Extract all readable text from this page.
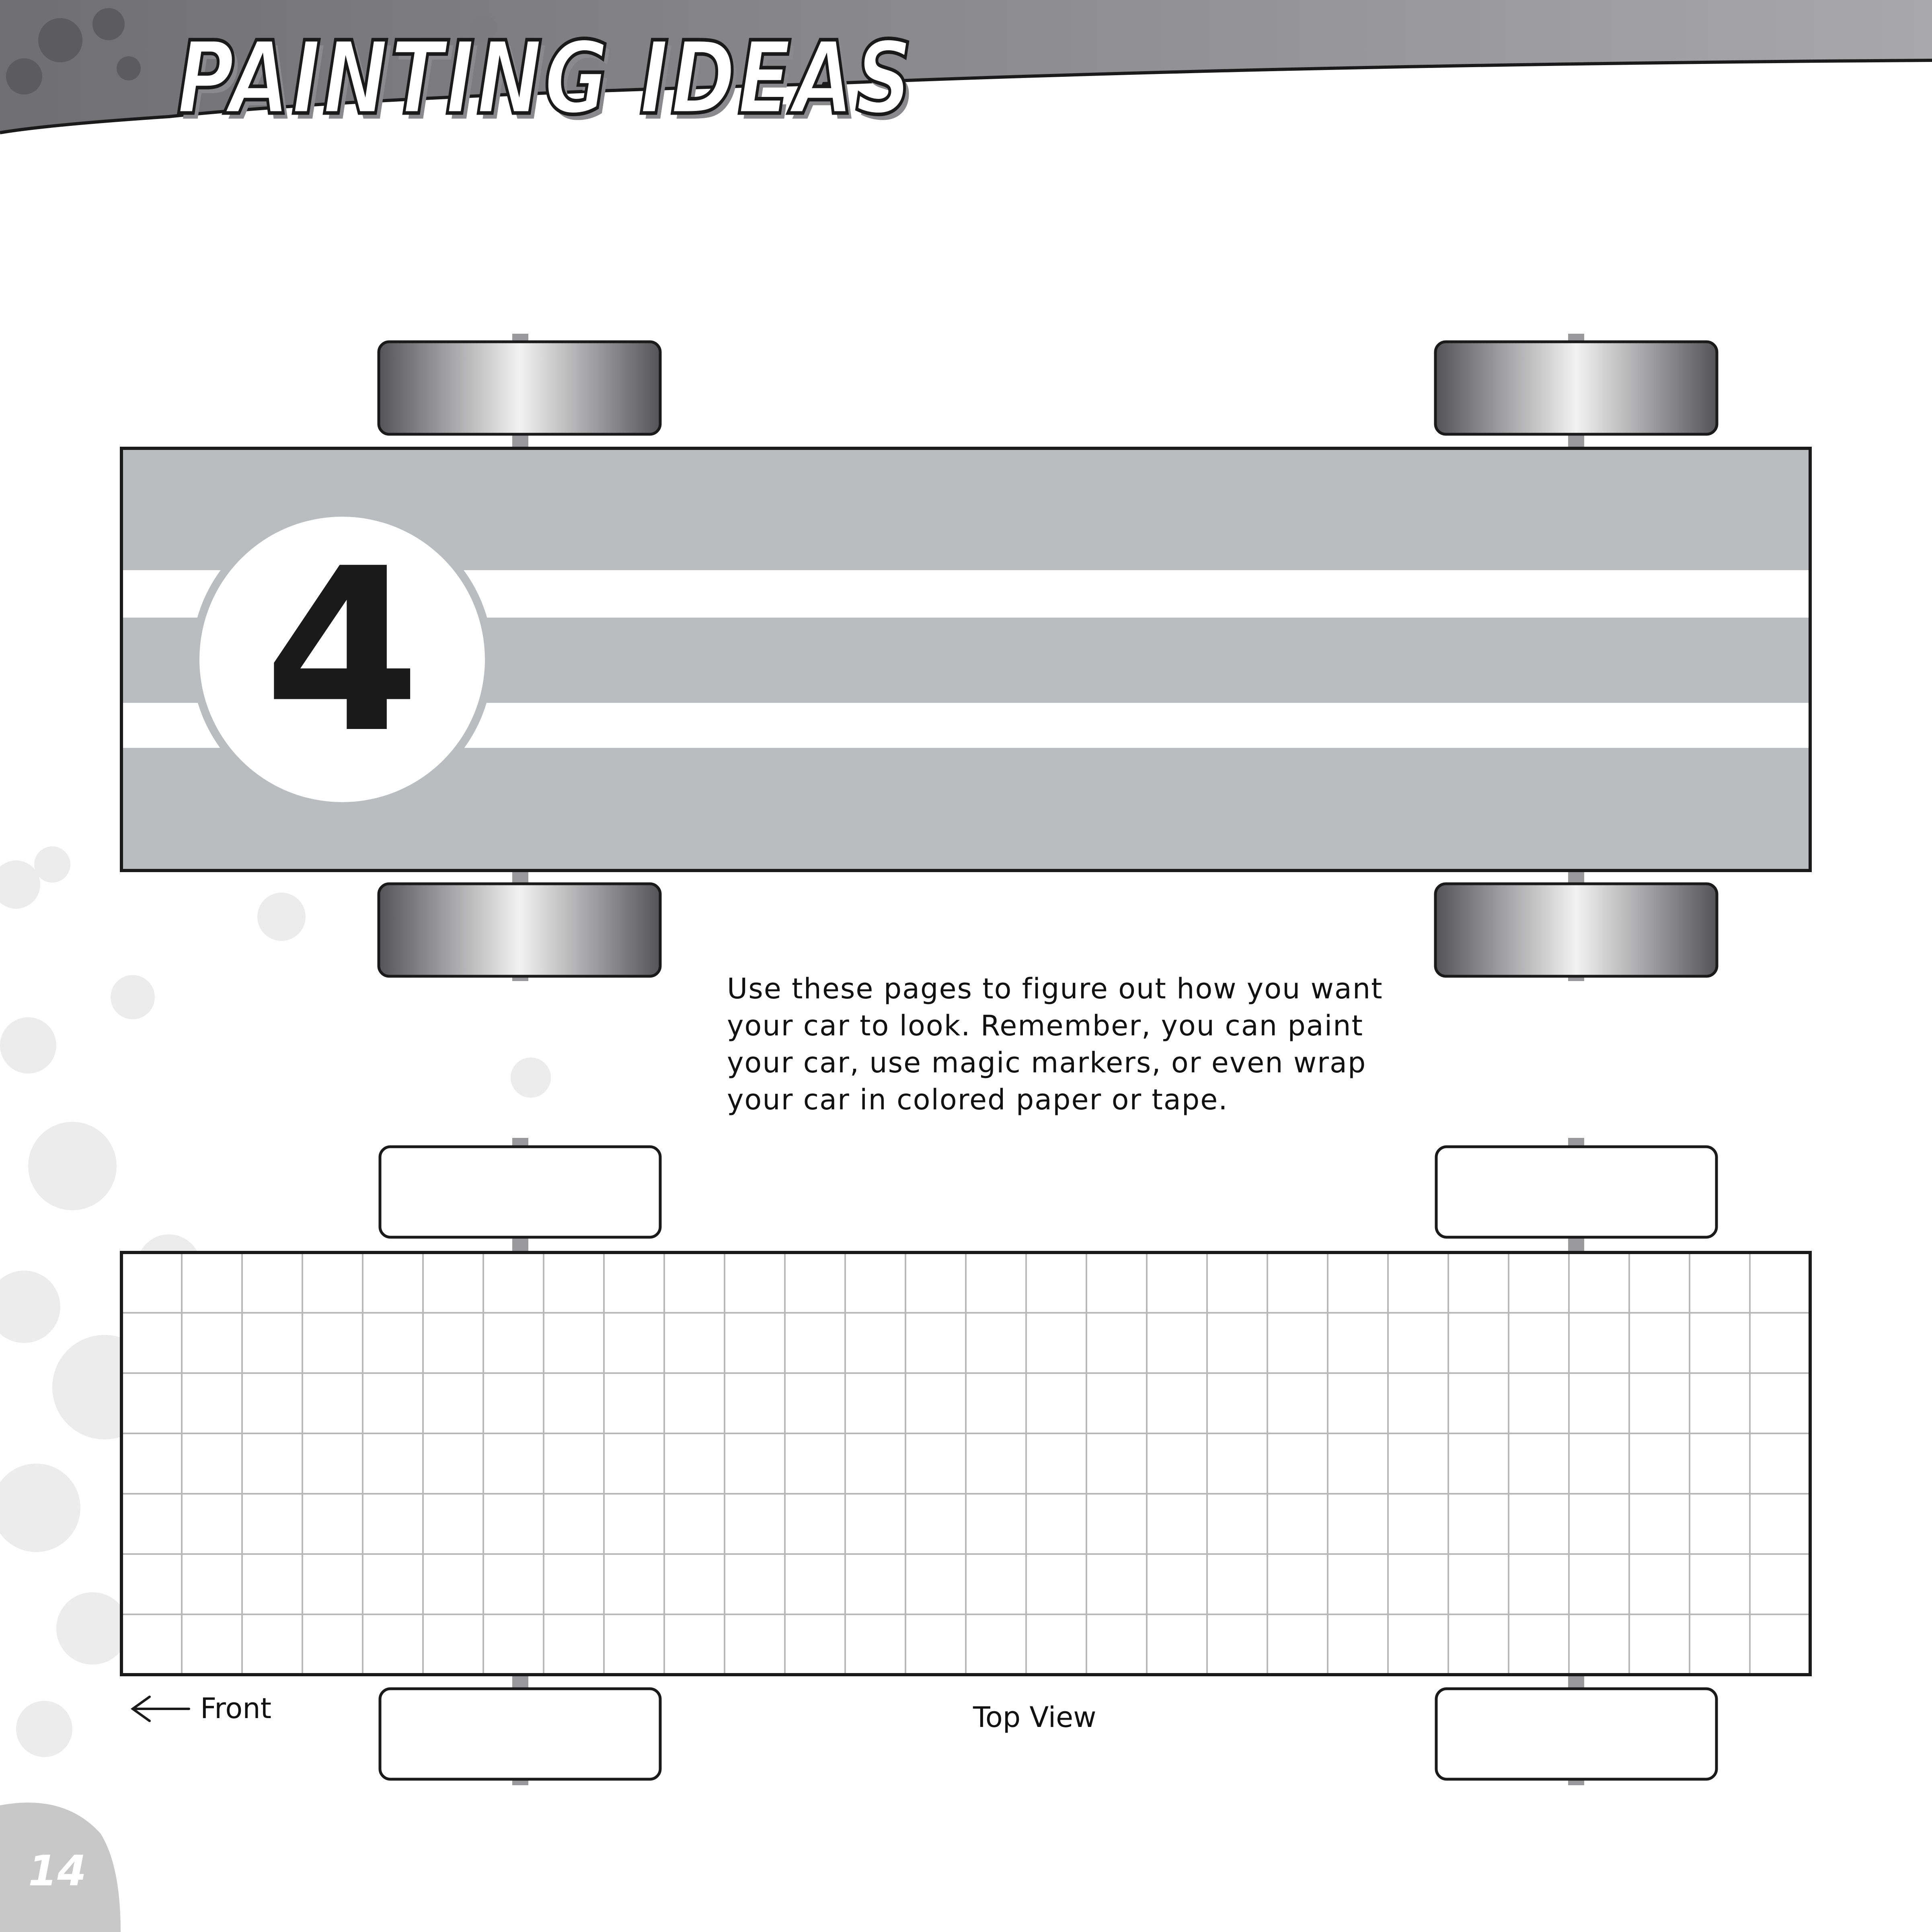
PAINTING IDEAS
4
Use these pages to figure out how you want your car to look. Remember, you can paint your car, use magic markers, or even wrap your car in colored paper or tape.
Front	Top View
14
